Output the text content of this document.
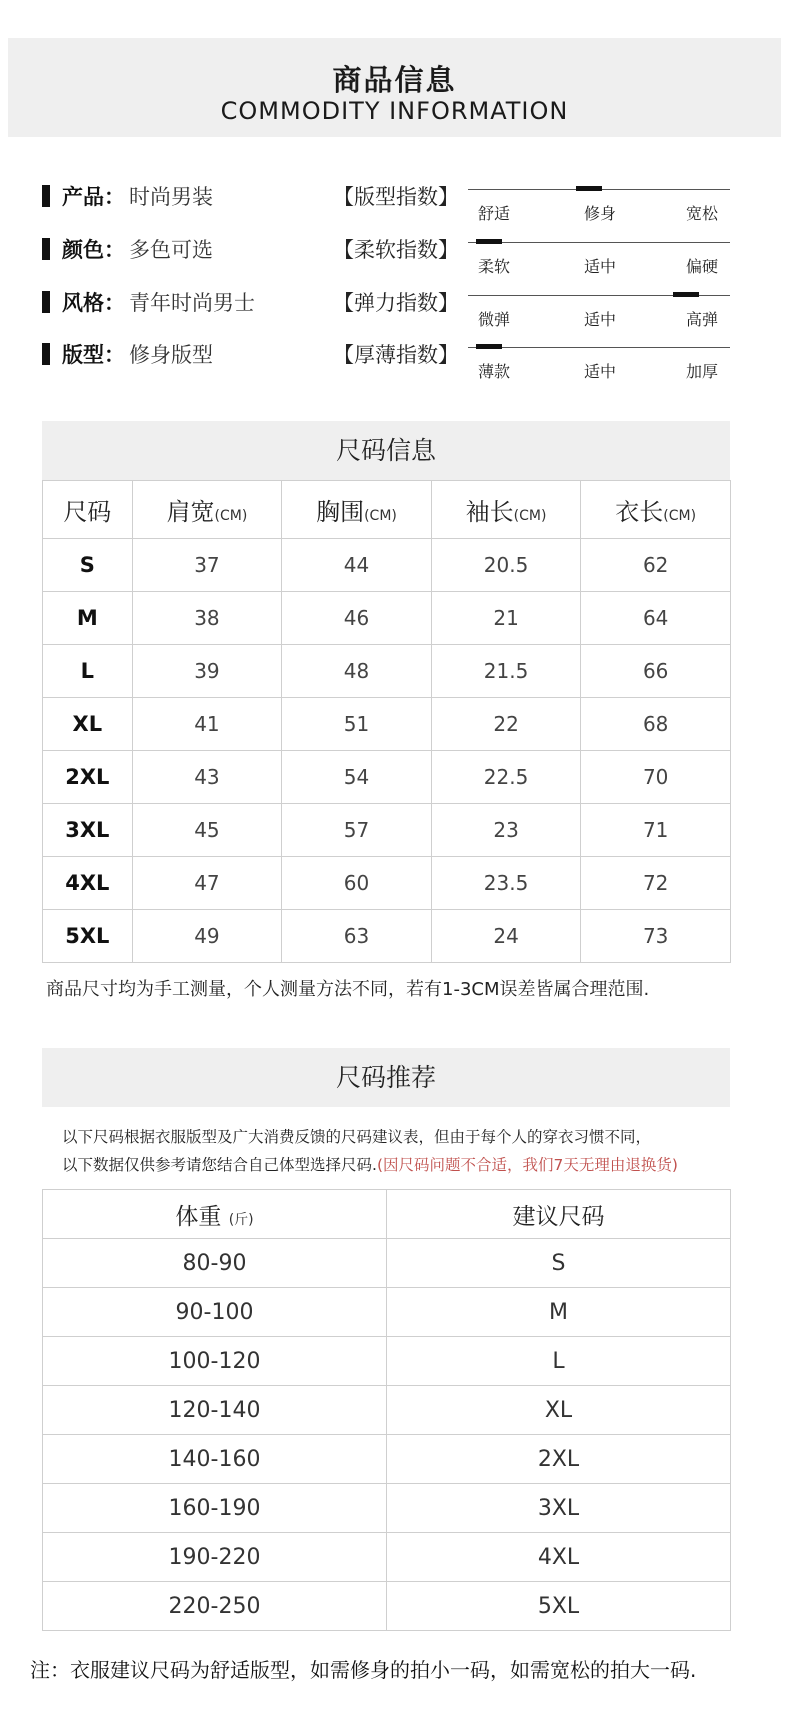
商品信息
COMMODITY INFORMATION
产品： 时尚男装
颜色： 多色可选
风格： 青年时尚男士
版型： 修身版型
【版型指数】
舒适	修身	宽松
【柔软指数】
柔软	适中	偏硬
【弹力指数】
微弹	适中	高弹
【厚薄指数】
薄款	适中	加厚
尺码信息
尺码	肩宽(CM)	胸围(CM)	袖长(CM)	衣长(CM)
S	37	44	20.5	62
M	38	46	21	64
L	39	48	21.5	66
XL	41	51	22	68
2XL	43	54	22.5	70
3XL	45	57	23	71
4XL	47	60	23.5	72
5XL	49	63	24	73
商品尺寸均为手工测量，个人测量方法不同，若有1-3CM误差皆属合理范围.
尺码推荐
以下尺码根据衣服版型及广大消费反馈的尺码建议表，但由于每个人的穿衣习惯不同，
以下数据仅供参考请您结合自己体型选择尺码.(因尺码问题不合适，我们7天无理由退换货)
体重 (斤)	建议尺码
80-90	S
90-100	M
100-120	L
120-140	XL
140-160	2XL
160-190	3XL
190-220	4XL
220-250	5XL
注：衣服建议尺码为舒适版型，如需修身的拍小一码，如需宽松的拍大一码.
